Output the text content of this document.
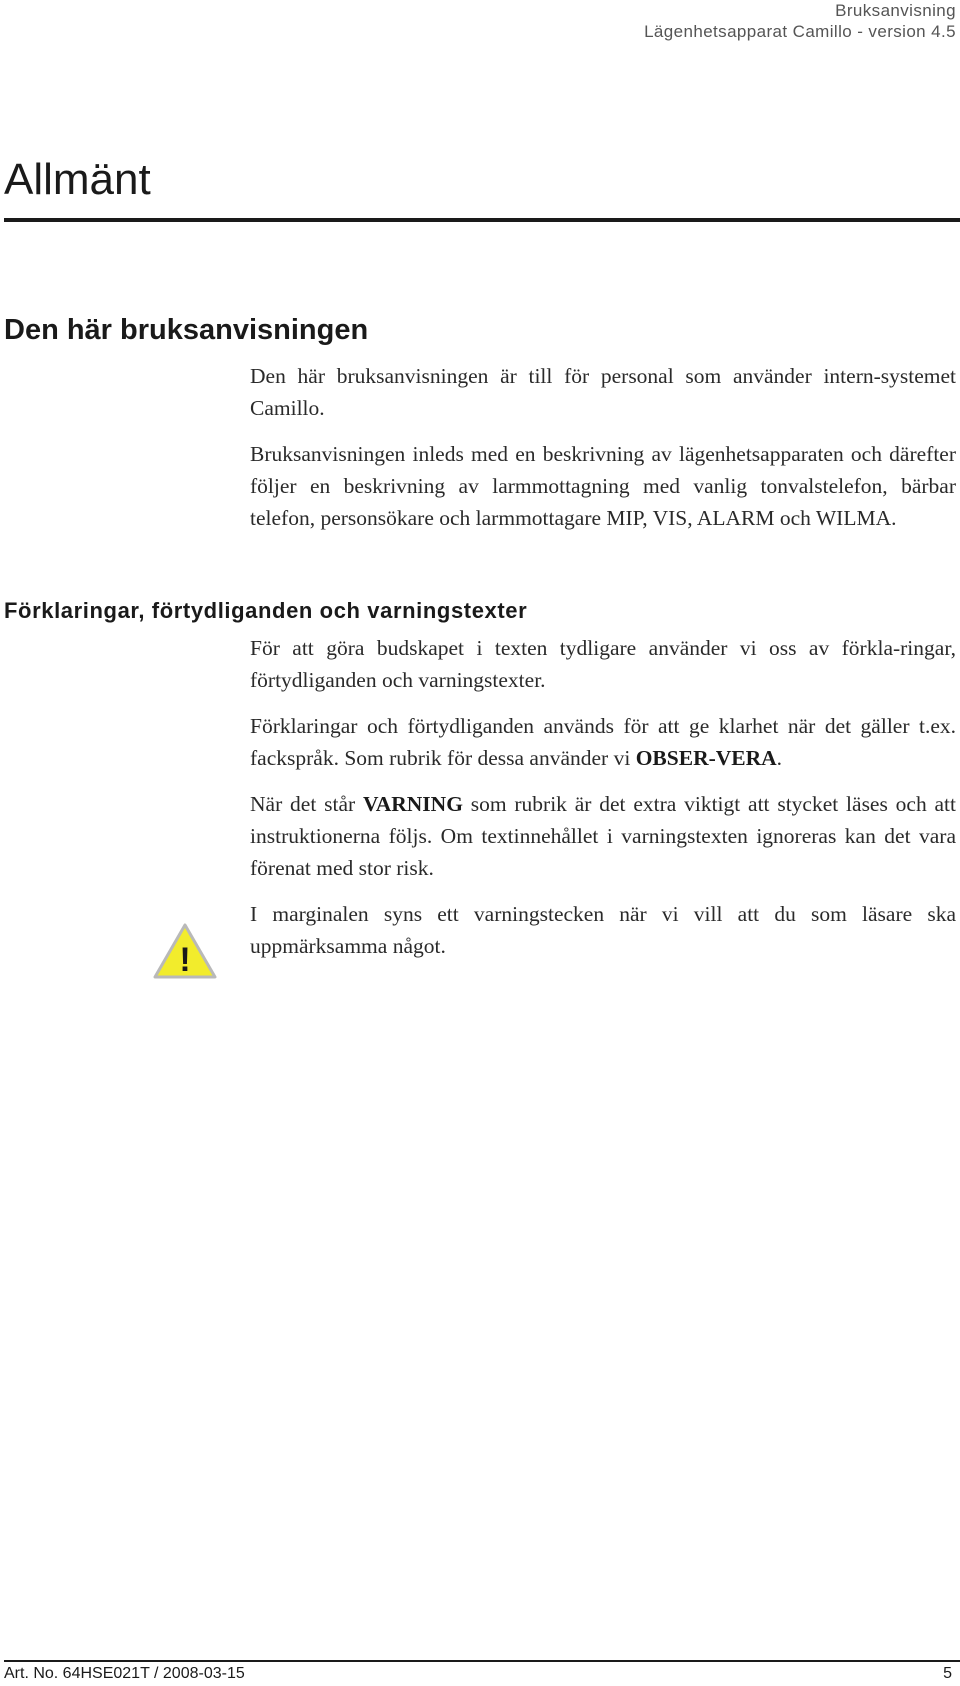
Bruksanvisning
Lägenhetsapparat Camillo - version 4.5
Allmänt
Den här bruksanvisningen

Den här bruksanvisningen är till för personal som använder intern-systemet Camillo.

Bruksanvisningen inleds med en beskrivning av lägenhetsapparaten och därefter följer en beskrivning av larmmottagning med vanlig tonvalstelefon, bärbar telefon, personsökare och larmmottagare MIP, VIS, ALARM och WILMA.

Förklaringar, förtydliganden och varningstexter

För att göra budskapet i texten tydligare använder vi oss av förkla-ringar, förtydliganden och varningstexter.

Förklaringar och förtydliganden används för att ge klarhet när det gäller t.ex. fackspråk. Som rubrik för dessa använder vi OBSER-VERA.

När det står VARNING som rubrik är det extra viktigt att stycket läses och att instruktionerna följs. Om textinnehållet i varningstexten ignoreras kan det vara förenat med stor risk.

I marginalen syns ett varningstecken när vi vill att du som läsare ska uppmärksamma något.

!
Art. No. 64HSE021T / 2008-03-15	5
